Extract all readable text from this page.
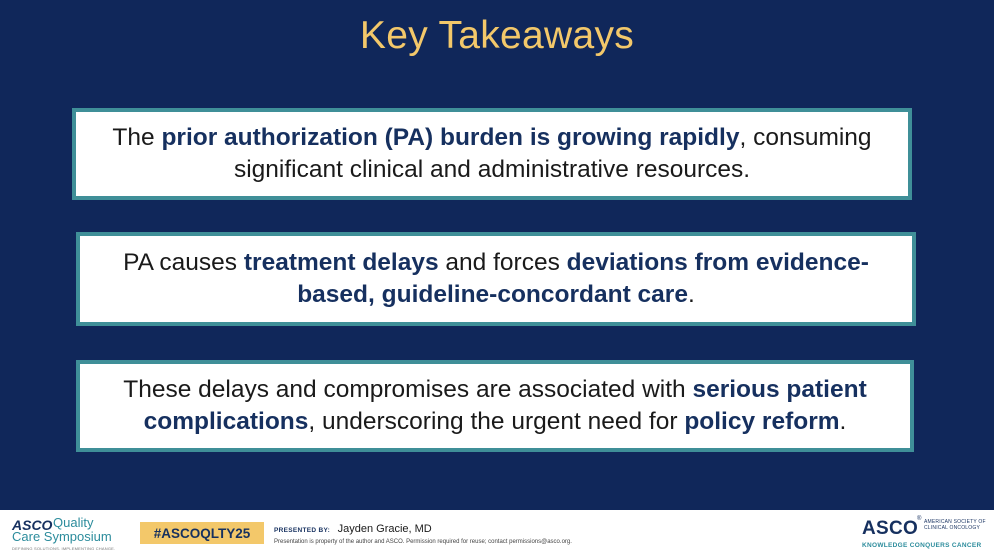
Key Takeaways
The prior authorization (PA) burden is growing rapidly, consuming significant clinical and administrative resources.
PA causes treatment delays and forces deviations from evidence-based, guideline-concordant care.
These delays and compromises are associated with serious patient complications, underscoring the urgent need for policy reform.
ASCO Quality
Care Symposium
DEFINING SOLUTIONS. IMPLEMENTING CHANGE.
#ASCOQLTY25	PRESENTED BY: Jayden Gracie, MD
Presentation is property of the author and ASCO. Permission required for reuse; contact permissions@asco.org.
ASCO
® AMERICAN SOCIETY OF
CLINICAL ONCOLOGY
KNOWLEDGE CONQUERS CANCER
